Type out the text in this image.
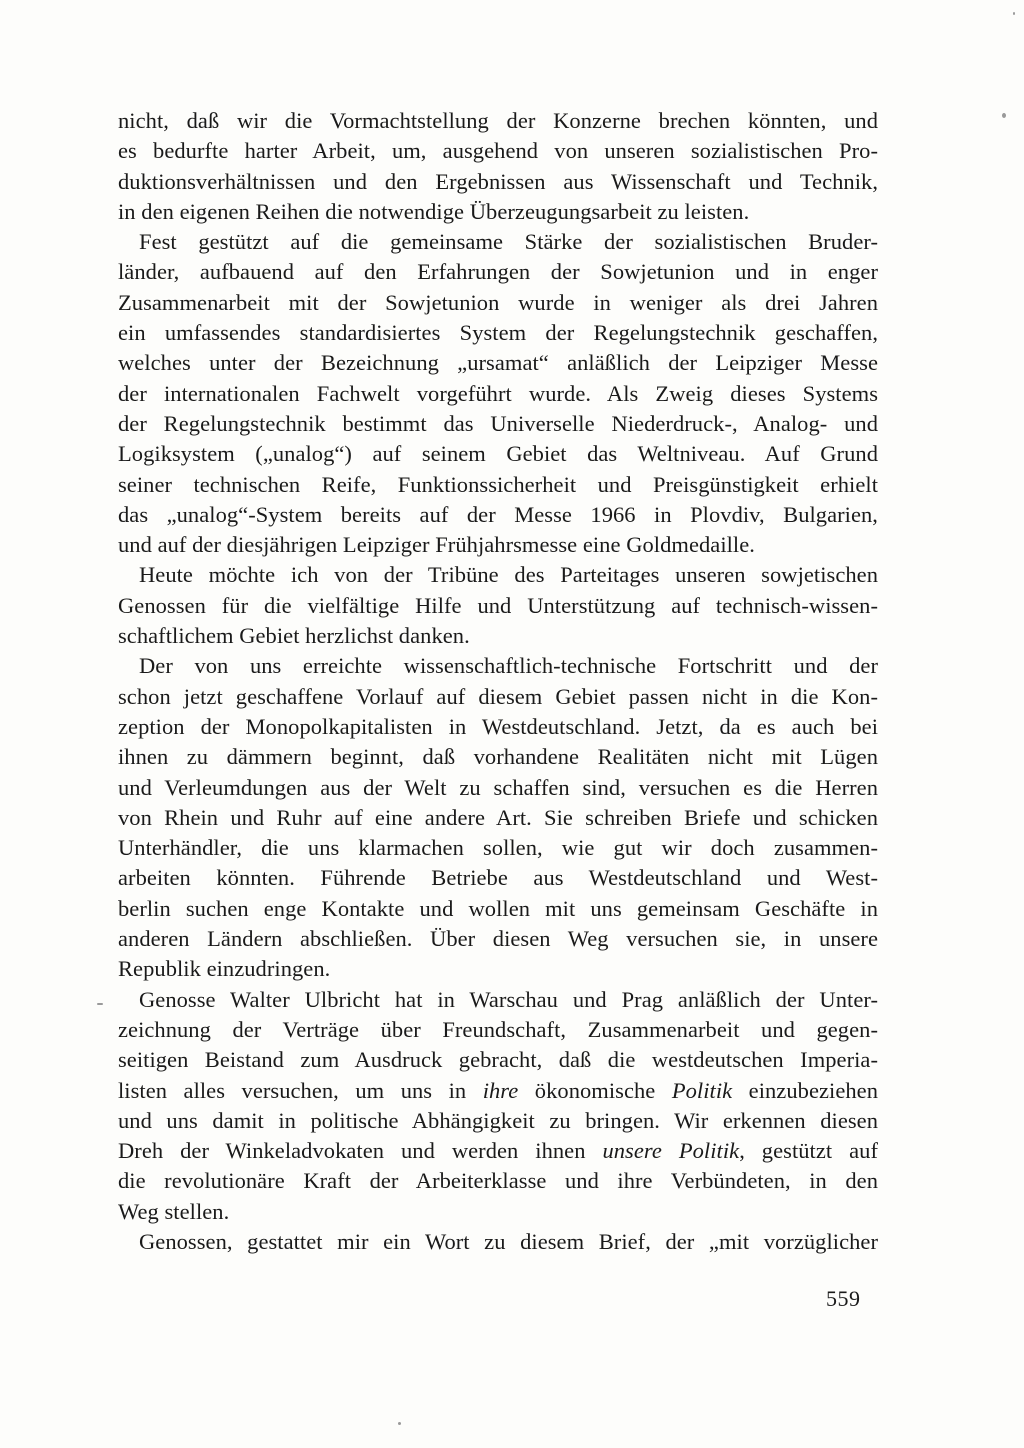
nicht, daß wir die Vormachtstellung der Konzerne brechen könnten, und
es bedurfte harter Arbeit, um, ausgehend von unseren sozialistischen Pro-
duktionsverhältnissen und den Ergebnissen aus Wissenschaft und Technik,
in den eigenen Reihen die notwendige Überzeugungsarbeit zu leisten.
Fest gestützt auf die gemeinsame Stärke der sozialistischen Bruder-
länder, aufbauend auf den Erfahrungen der Sowjetunion und in enger
Zusammenarbeit mit der Sowjetunion wurde in weniger als drei Jahren
ein umfassendes standardisiertes System der Regelungstechnik geschaffen,
welches unter der Bezeichnung „ursamat“ anläßlich der Leipziger Messe
der internationalen Fachwelt vorgeführt wurde. Als Zweig dieses Systems
der Regelungstechnik bestimmt das Universelle Niederdruck-, Analog- und
Logiksystem („unalog“) auf seinem Gebiet das Weltniveau. Auf Grund
seiner technischen Reife, Funktionssicherheit und Preisgünstigkeit erhielt
das „unalog“-System bereits auf der Messe 1966 in Plovdiv, Bulgarien,
und auf der diesjährigen Leipziger Frühjahrsmesse eine Goldmedaille.
Heute möchte ich von der Tribüne des Parteitages unseren sowjetischen
Genossen für die vielfältige Hilfe und Unterstützung auf technisch-wissen-
schaftlichem Gebiet herzlichst danken.
Der von uns erreichte wissenschaftlich-technische Fortschritt und der
schon jetzt geschaffene Vorlauf auf diesem Gebiet passen nicht in die Kon-
zeption der Monopolkapitalisten in Westdeutschland. Jetzt, da es auch bei
ihnen zu dämmern beginnt, daß vorhandene Realitäten nicht mit Lügen
und Verleumdungen aus der Welt zu schaffen sind, versuchen es die Herren
von Rhein und Ruhr auf eine andere Art. Sie schreiben Briefe und schicken
Unterhändler, die uns klarmachen sollen, wie gut wir doch zusammen-
arbeiten könnten. Führende Betriebe aus Westdeutschland und West-
berlin suchen enge Kontakte und wollen mit uns gemeinsam Geschäfte in
anderen Ländern abschließen. Über diesen Weg versuchen sie, in unsere
Republik einzudringen.
Genosse Walter Ulbricht hat in Warschau und Prag anläßlich der Unter-
zeichnung der Verträge über Freundschaft, Zusammenarbeit und gegen-
seitigen Beistand zum Ausdruck gebracht, daß die westdeutschen Imperia-
listen alles versuchen, um uns in ihre ökonomische Politik einzubeziehen
und uns damit in politische Abhängigkeit zu bringen. Wir erkennen diesen
Dreh der Winkeladvokaten und werden ihnen unsere Politik, gestützt auf
die revolutionäre Kraft der Arbeiterklasse und ihre Verbündeten, in den
Weg stellen.
Genossen, gestattet mir ein Wort zu diesem Brief, der „mit vorzüglicher
559
